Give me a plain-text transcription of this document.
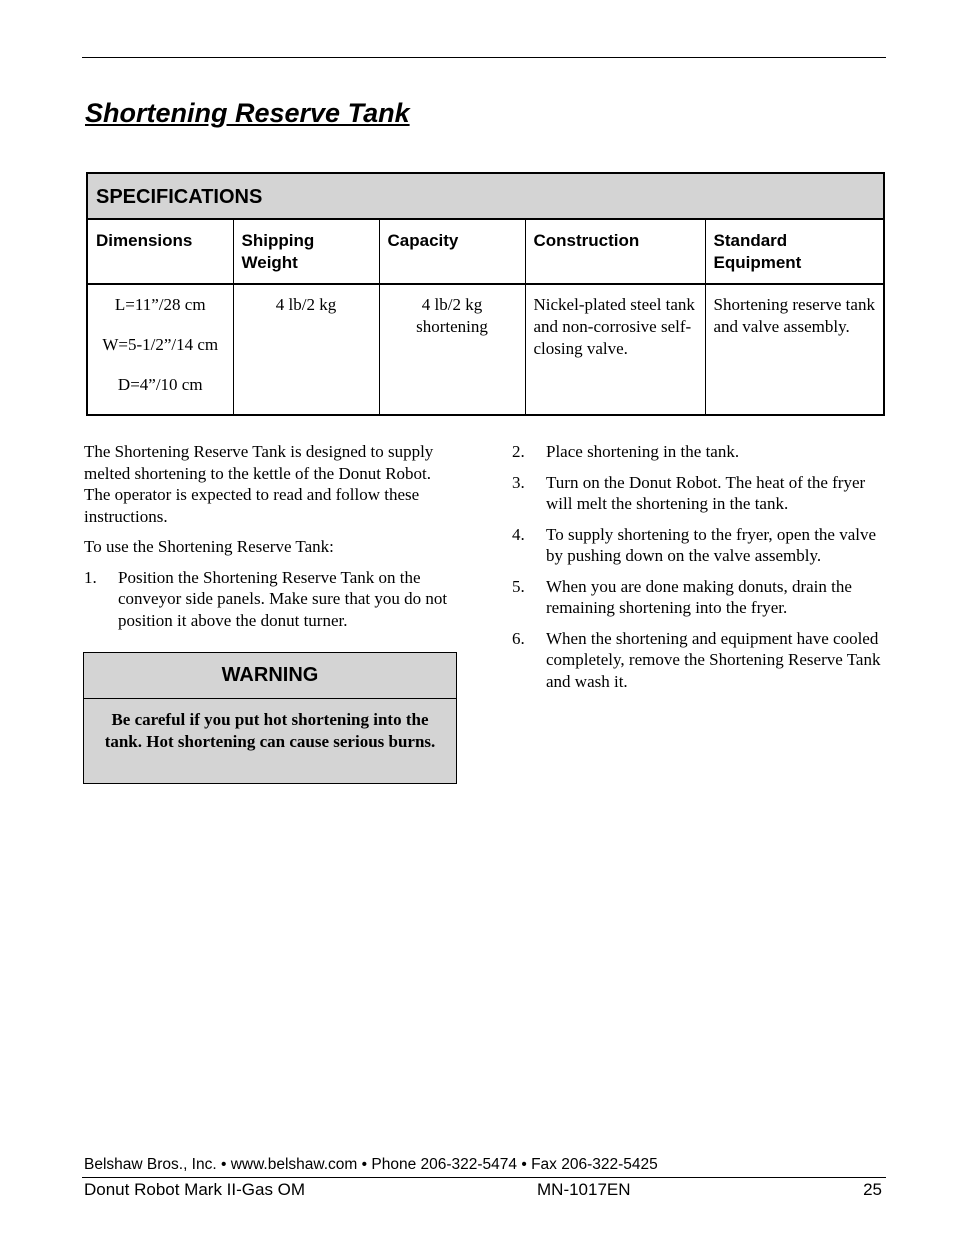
Shortening Reserve Tank
SPECIFICATIONS
Dimensions	Shipping Weight	Capacity	Construction	Standard Equipment

L=11”/28 cm
W=5-1/2”/14 cm
D=4”/10 cm	4 lb/2 kg	4 lb/2 kg shortening	Nickel-plated steel tank and non-corrosive self-closing valve.	Shortening reserve tank and valve assembly.

The Shortening Reserve Tank is designed to supply melted shortening to the kettle of the Donut Robot. The operator is expected to read and follow these instructions.

To use the Shortening Reserve Tank:

1. Position the Shortening Reserve Tank on the conveyor side panels. Make sure that you do not position it above the donut turner.
WARNING
Be careful if you put hot shortening into the tank. Hot shortening can cause serious burns.
2. Place shortening in the tank.
3. Turn on the Donut Robot. The heat of the fryer will melt the shortening in the tank.
4. To supply shortening to the fryer, open the valve by pushing down on the valve assembly.
5. When you are done making donuts, drain the remaining shortening into the fryer.
6. When the shortening and equipment have cooled completely, remove the Shortening Reserve Tank and wash it.
Belshaw Bros., Inc. • www.belshaw.com • Phone 206-322-5474 • Fax 206-322-5425
Donut Robot Mark II-Gas OM	MN-1017EN	25
